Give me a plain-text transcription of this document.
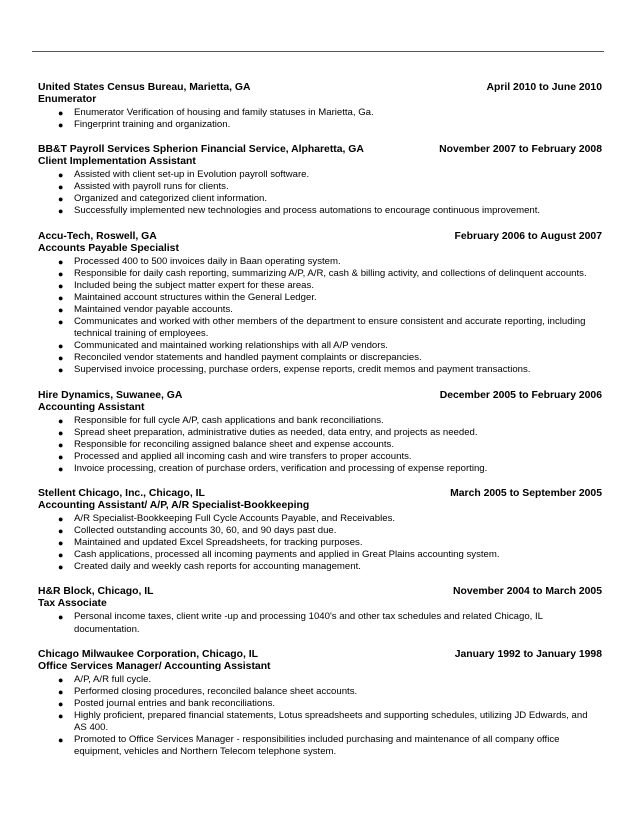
United States Census Bureau, Marietta, GA	April 2010 to June 2010
Enumerator
● Enumerator Verification of housing and family statuses in Marietta, Ga.
● Fingerprint training and organization.
BB&T Payroll Services Spherion Financial Service, Alpharetta, GA	November 2007 to February 2008
Client Implementation Assistant
● Assisted with client set-up in Evolution payroll software.
● Assisted with payroll runs for clients.
● Organized and categorized client information.
● Successfully implemented new technologies and process automations to encourage continuous improvement.
Accu-Tech, Roswell, GA	February 2006 to August 2007
Accounts Payable Specialist
● Processed 400 to 500 invoices daily in Baan operating system.
● Responsible for daily cash reporting, summarizing A/P, A/R, cash & billing activity, and collections of delinquent accounts.
● Included being the subject matter expert for these areas.
● Maintained account structures within the General Ledger.
● Maintained vendor payable accounts.
● Communicates and worked with other members of the department to ensure consistent and accurate reporting, including technical training of employees.
● Communicated and maintained working relationships with all A/P vendors.
● Reconciled vendor statements and handled payment complaints or discrepancies.
● Supervised invoice processing, purchase orders, expense reports, credit memos and payment transactions.
Hire Dynamics, Suwanee, GA	December 2005 to February 2006
Accounting Assistant
● Responsible for full cycle A/P, cash applications and bank reconciliations.
● Spread sheet preparation, administrative duties as needed, data entry, and projects as needed.
● Responsible for reconciling assigned balance sheet and expense accounts.
● Processed and applied all incoming cash and wire transfers to proper accounts.
● Invoice processing, creation of purchase orders, verification and processing of expense reporting.
Stellent Chicago, Inc., Chicago, IL	March 2005 to September 2005
Accounting Assistant/ A/P, A/R Specialist-Bookkeeping
● A/R Specialist-Bookkeeping Full Cycle Accounts Payable, and Receivables.
● Collected outstanding accounts 30, 60, and 90 days past due.
● Maintained and updated Excel Spreadsheets, for tracking purposes.
● Cash applications, processed all incoming payments and applied in Great Plains accounting system.
● Created daily and weekly cash reports for accounting management.
H&R Block, Chicago, IL	November 2004 to March 2005
Tax Associate
● Personal income taxes, client write -up and processing 1040's and other tax schedules and related Chicago, IL documentation.
Chicago Milwaukee Corporation, Chicago, IL	January 1992 to January 1998
Office Services Manager/ Accounting Assistant
● A/P, A/R full cycle.
● Performed closing procedures, reconciled balance sheet accounts.
● Posted journal entries and bank reconciliations.
● Highly proficient, prepared financial statements, Lotus spreadsheets and supporting schedules, utilizing JD Edwards, and AS 400.
● Promoted to Office Services Manager - responsibilities included purchasing and maintenance of all company office equipment, vehicles and Northern Telecom telephone system.
